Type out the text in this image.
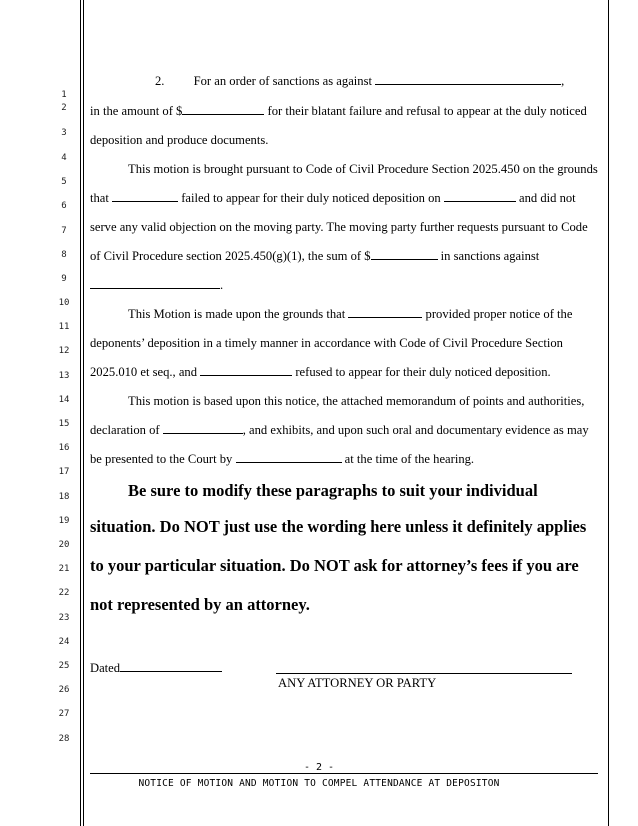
1
2
3
4
5
6
7
8
9
10
11
12
13
14
15
16
17
18
19
20
21
22
23
24
25
26
27
28
2. For an order of sanctions as against	,
in the amount of $	for their blatant failure and refusal to appear at the duly noticed
deposition and produce documents.
This motion is brought pursuant to Code of Civil Procedure Section 2025.450 on the grounds
that	failed to appear for their duly noticed deposition on	and did not
serve any valid objection on the moving party. The moving party further requests pursuant to Code
of Civil Procedure section 2025.450(g)(1), the sum of $	in sanctions against
.
This Motion is made upon the grounds that	provided proper notice of the
deponents’ deposition in a timely manner in accordance with Code of Civil Procedure Section
2025.010 et seq., and	refused to appear for their duly noticed deposition.
This motion is based upon this notice, the attached memorandum of points and authorities,
declaration of	, and exhibits, and upon such oral and documentary evidence as may
be presented to the Court by	at the time of the hearing.
Be sure to modify these paragraphs to suit your individual
situation. Do NOT just use the wording here unless it definitely applies
to your particular situation. Do NOT ask for attorney’s fees if you are
not represented by an attorney.
Dated
ANY ATTORNEY OR PARTY
- 2 -
NOTICE OF MOTION AND MOTION TO COMPEL ATTENDANCE AT DEPOSITON
